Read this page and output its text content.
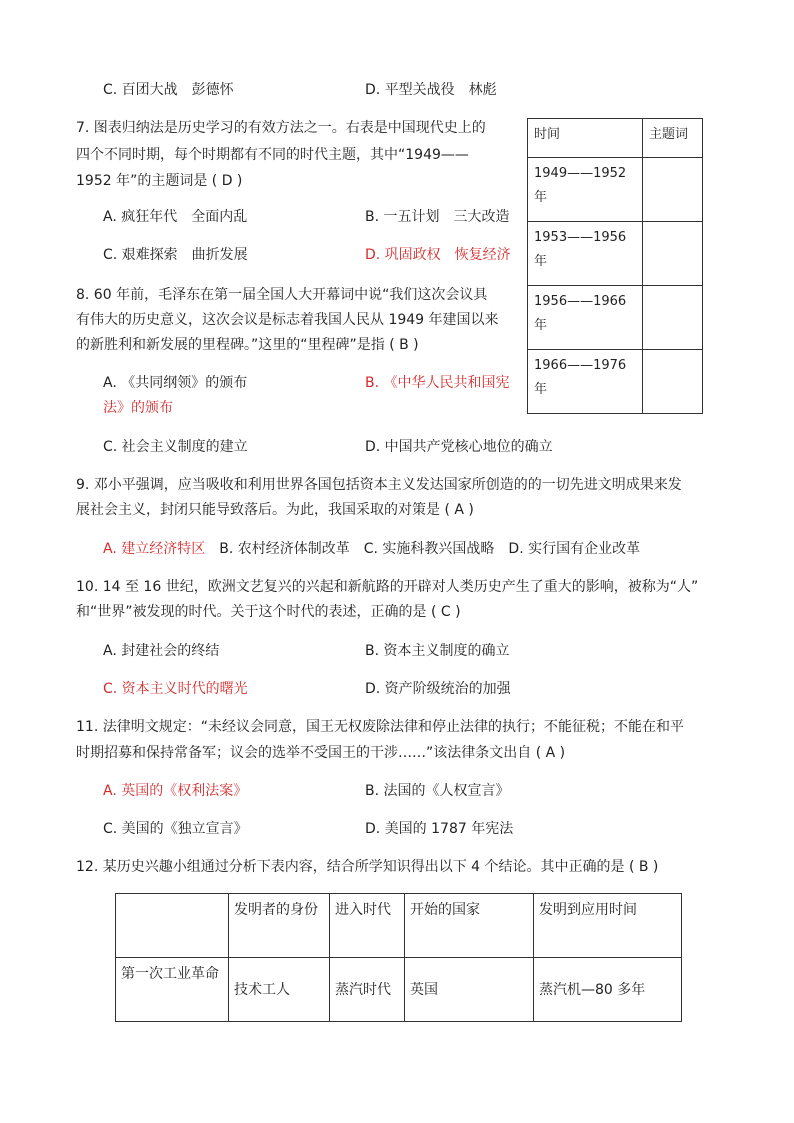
C. 百团大战　彭德怀	D. 平型关战役　林彪
7. 图表归纳法是历史学习的有效方法之一。右表是中国现代史上的
四个不同时期，每个时期都有不同的时代主题，其中“1949——
1952 年”的主题词是 ( D )
A. 疯狂年代　全面内乱	B. 一五计划　三大改造
C. 艰难探索　曲折发展	D. 巩固政权　恢复经济
时间	主题词
1949——1952
年	
1953——1956
年	
1956——1966
年	
1966——1976
年	
8. 60 年前，毛泽东在第一届全国人大开幕词中说“我们这次会议具
有伟大的历史意义，这次会议是标志着我国人民从 1949 年建国以来
的新胜利和新发展的里程碑。”这里的“里程碑”是指 ( B )
A. 《共同纲领》的颁布	B. 《中华人民共和国宪
法》的颁布
C. 社会主义制度的建立	D. 中国共产党核心地位的确立
9. 邓小平强调，应当吸收和利用世界各国包括资本主义发达国家所创造的的一切先进文明成果来发
展社会主义，封闭只能导致落后。为此，我国采取的对策是 ( A )
A. 建立经济特区　 B. 农村经济体制改革　C. 实施科教兴国战略　D. 实行国有企业改革
10. 14 至 16 世纪，欧洲文艺复兴的兴起和新航路的开辟对人类历史产生了重大的影响，被称为“人”
和“世界”被发现的时代。关于这个时代的表述，正确的是 ( C )
A. 封建社会的终结	B. 资本主义制度的确立
C. 资本主义时代的曙光	D. 资产阶级统治的加强
11. 法律明文规定：“未经议会同意，国王无权废除法律和停止法律的执行；不能征税；不能在和平
时期招募和保持常备军；议会的选举不受国王的干涉……”该法律条文出自 ( A )
A. 英国的《权利法案》	B. 法国的《人权宣言》
C. 美国的《独立宣言》	D. 美国的 1787 年宪法
12. 某历史兴趣小组通过分析下表内容，结合所学知识得出以下 4 个结论。其中正确的是 ( B )
	发明者的身份	进入时代	开始的国家	发明到应用时间
第一次工业革命	技术工人	蒸汽时代	英国	蒸汽机—80 多年
